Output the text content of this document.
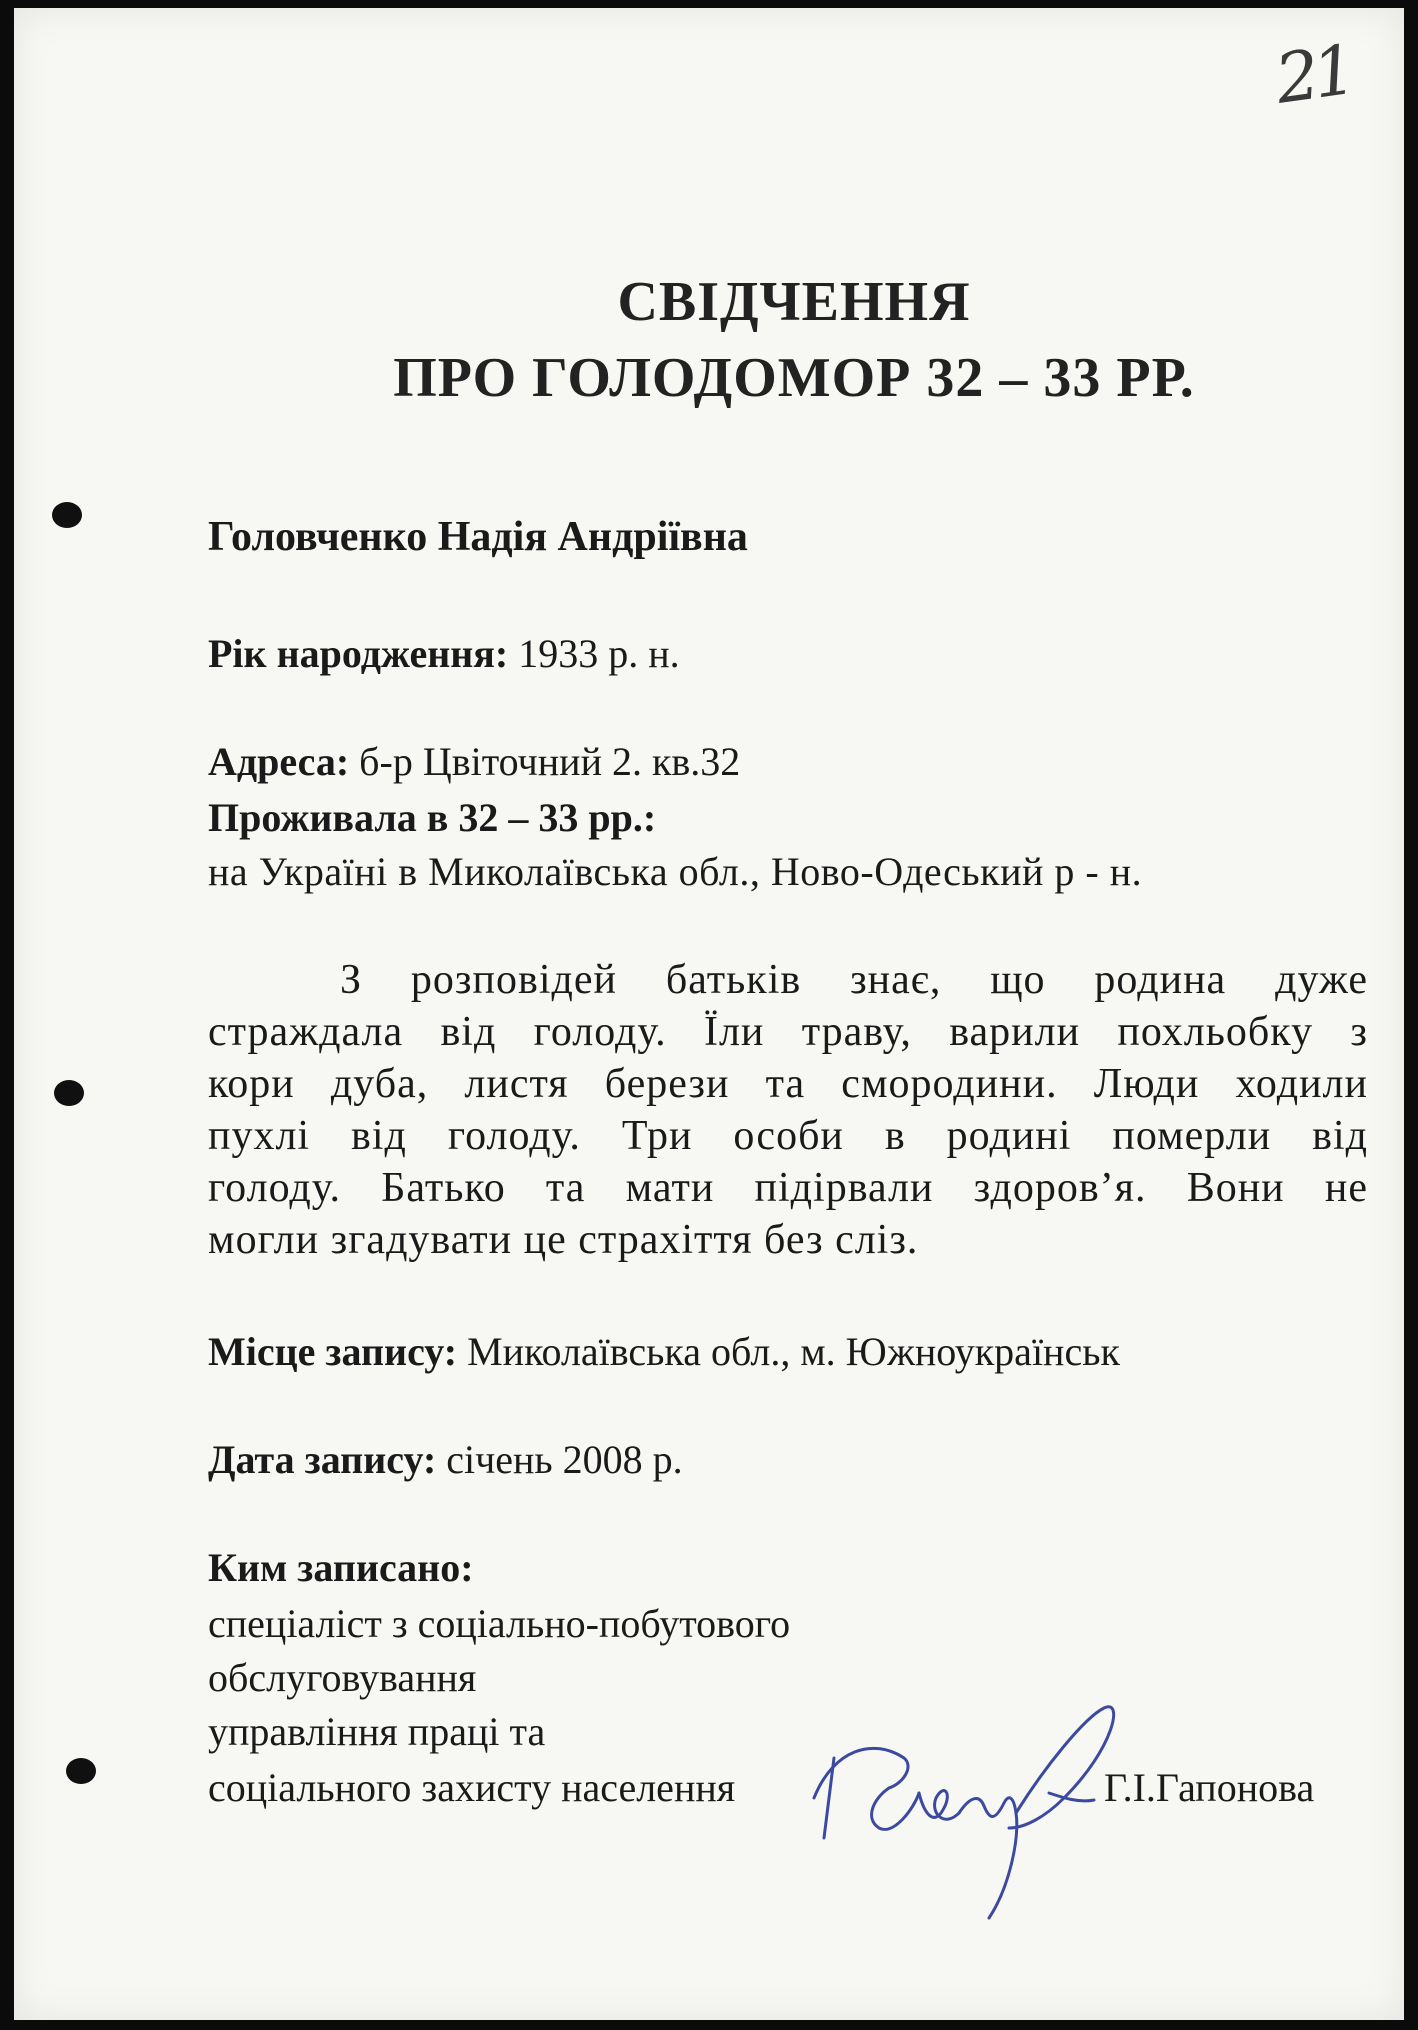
21
СВІДЧЕННЯ
ПРО ГОЛОДОМОР 32 – 33 РР.
Головченко Надія Андріївна
Рік народження: 1933 р. н.
Адреса: б-р Цвіточний 2. кв.32
Проживала в 32 – 33 рр.:
на Україні в Миколаївська обл., Ново-Одеський р - н.
З розповідей батьків знає, що родина дуже
страждала від голоду. Їли траву, варили похльобку з
кори дуба, листя берези та смородини. Люди ходили
пухлі від голоду. Три особи в родині померли від
голоду. Батько та мати підірвали здоров’я. Вони не
могли згадувати це страхіття без сліз.
Місце запису: Миколаївська обл., м. Южноукраїнськ
Дата запису: січень 2008 р.
Ким записано:
спеціаліст з соціально-побутового
обслуговування
управління праці та
соціального захисту населення	Г.І.Гапонова
